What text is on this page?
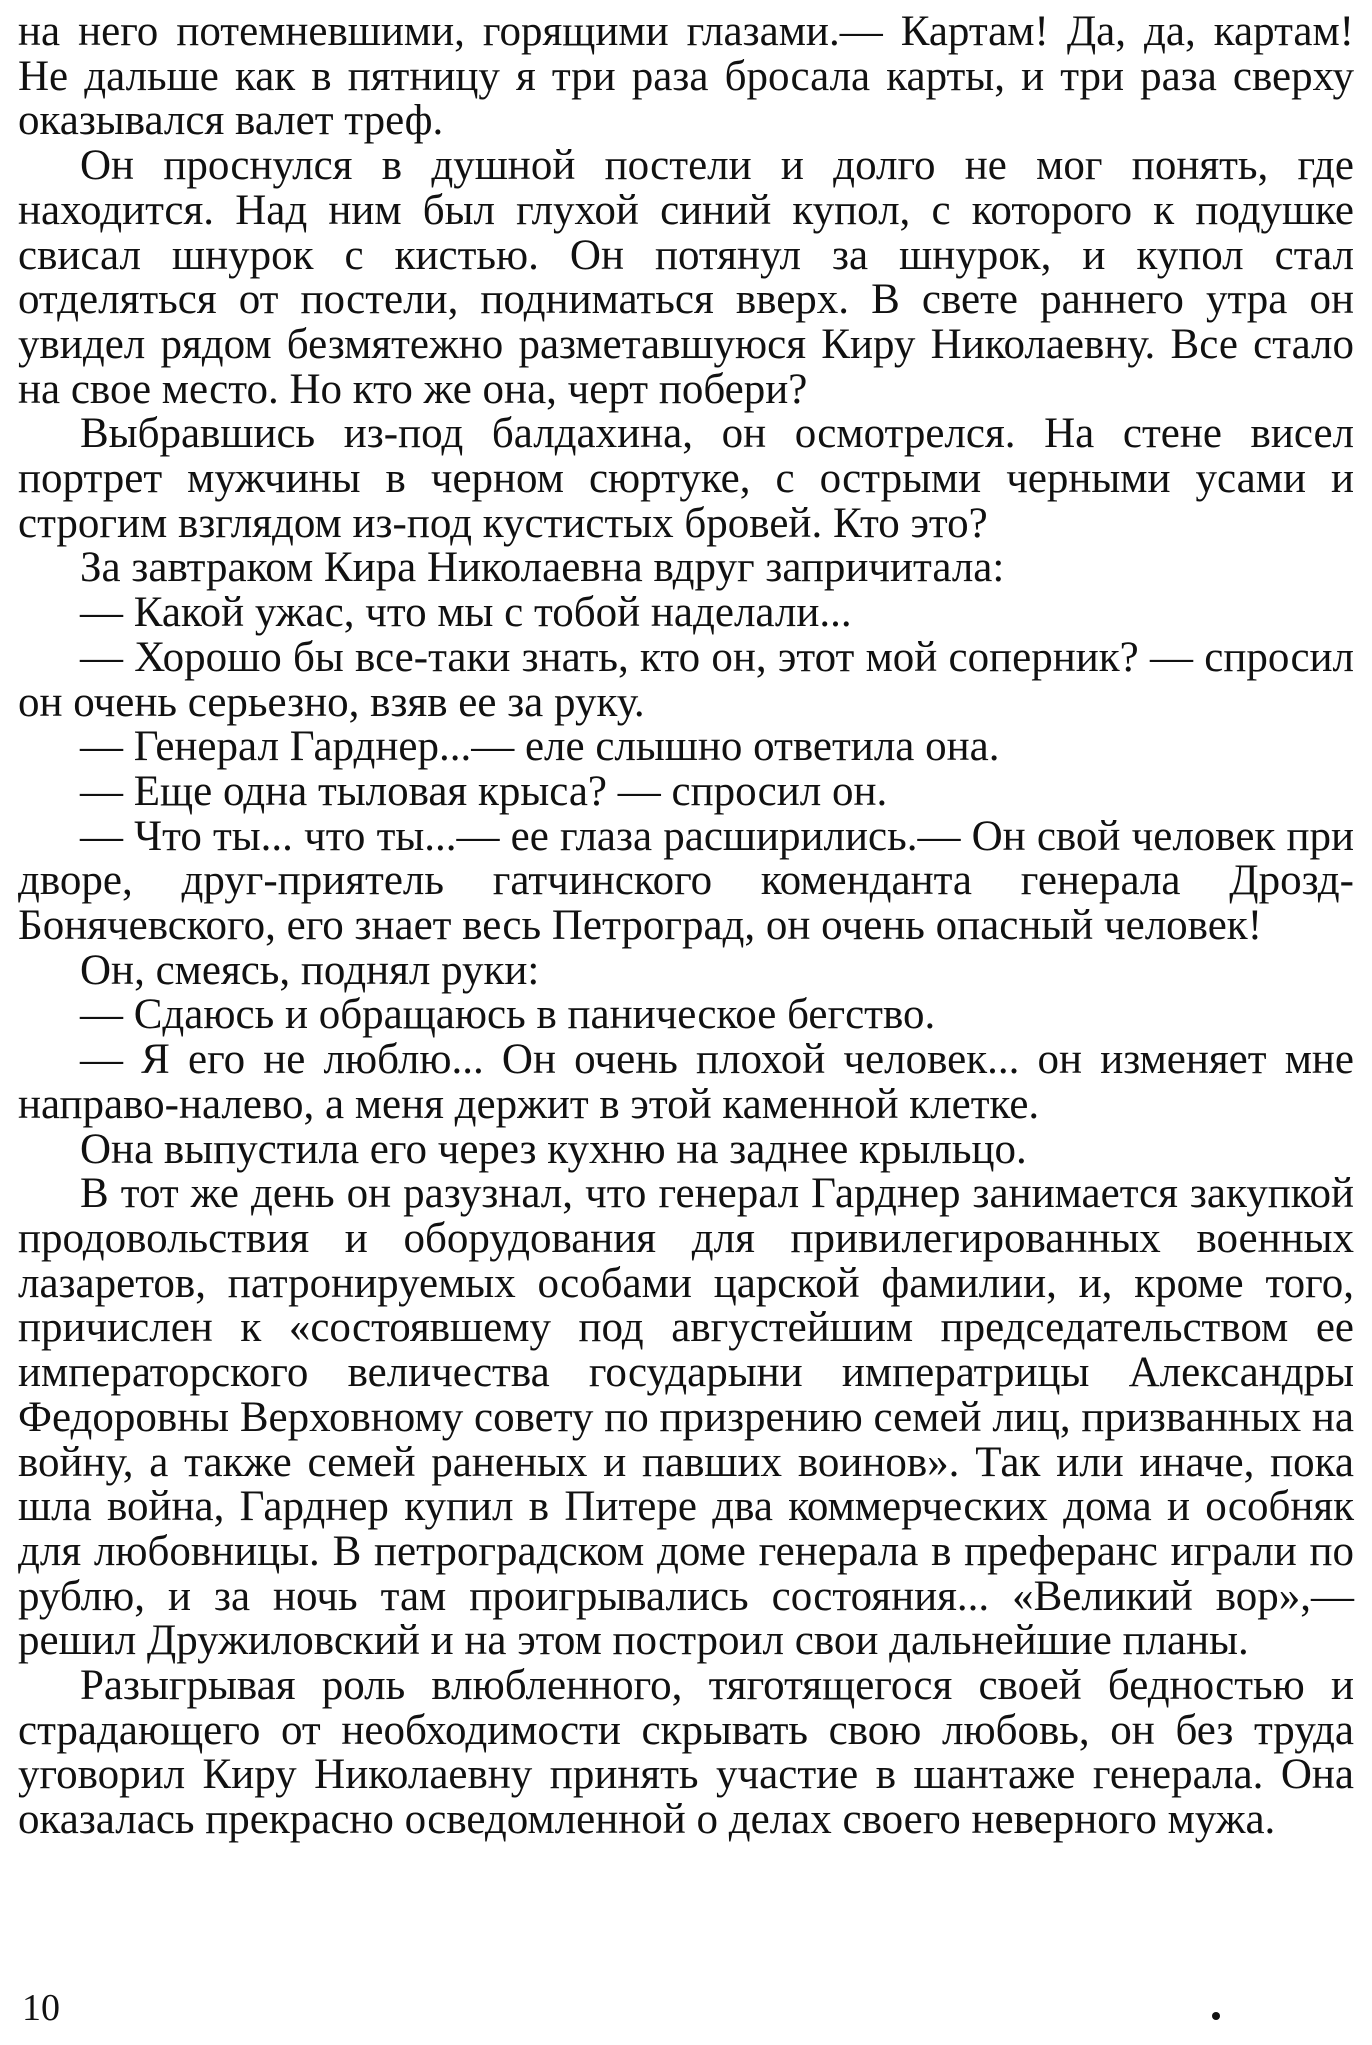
на него потемневшими, горящими глазами.— Картам! Да, да, картам! Не дальше как в пятницу я три раза бросала карты, и три раза сверху оказывался валет треф.

Он проснулся в душной постели и долго не мог понять, где находится. Над ним был глухой синий купол, с которого к подушке свисал шнурок с кистью. Он потянул за шнурок, и купол стал отделяться от постели, подниматься вверх. В свете раннего утра он увидел рядом безмятежно разметавшуюся Киру Николаевну. Все стало на свое место. Но кто же она, черт побери?

Выбравшись из-под балдахина, он осмотрелся. На стене висел портрет мужчины в черном сюртуке, с острыми черными усами и строгим взглядом из-под кустистых бровей. Кто это?

За завтраком Кира Николаевна вдруг запричитала:

— Какой ужас, что мы с тобой наделали...

— Хорошо бы все-таки знать, кто он, этот мой соперник? — спросил он очень серьезно, взяв ее за руку.

— Генерал Гарднер...— еле слышно ответила она.

— Еще одна тыловая крыса? — спросил он.

— Что ты... что ты...— ее глаза расширились.— Он свой человек при дворе, друг-приятель гатчинского коменданта генерала Дрозд-Бонячевского, его знает весь Петроград, он очень опасный человек!

Он, смеясь, поднял руки:

— Сдаюсь и обращаюсь в паническое бегство.

— Я его не люблю... Он очень плохой человек... он изменяет мне направо-налево, а меня держит в этой каменной клетке.

Она выпустила его через кухню на заднее крыльцо.

В тот же день он разузнал, что генерал Гарднер занимается закупкой продовольствия и оборудования для привилегированных военных лазаретов, патронируемых особами царской фамилии, и, кроме того, причислен к «состоявшему под августейшим председательством ее императорского величества государыни императрицы Александры Федоровны Верховному совету по призрению семей лиц, призванных на войну, а также семей раненых и павших воинов». Так или иначе, пока шла война, Гарднер купил в Питере два коммерческих дома и особняк для любовницы. В петроградском доме генерала в преферанс играли по рублю, и за ночь там проигрывались состояния... «Великий вор»,— решил Дружиловский и на этом построил свои дальнейшие планы.

Разыгрывая роль влюбленного, тяготящегося своей бедностью и страдающего от необходимости скрывать свою любовь, он без труда уговорил Киру Николаевну принять участие в шантаже генерала. Она оказалась прекрасно осведомленной о делах своего неверного мужа.

10
